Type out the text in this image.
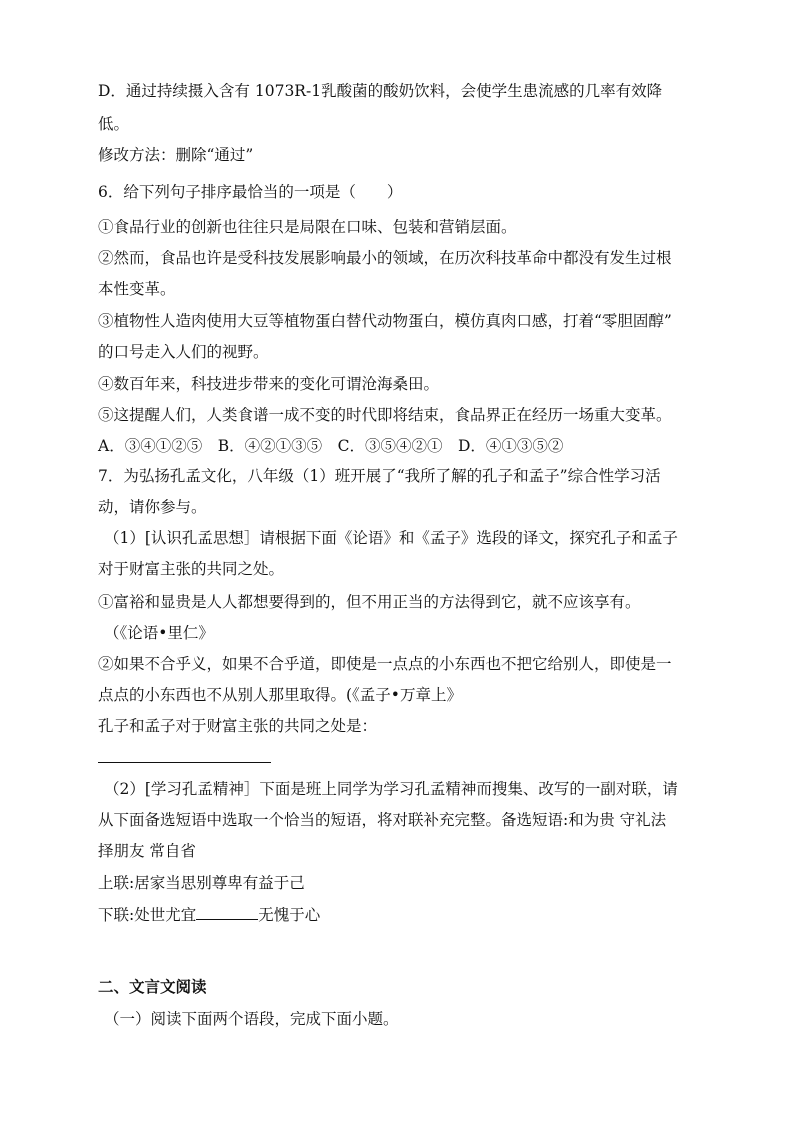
D．通过持续摄入含有 1073R-1乳酸菌的酸奶饮料，会使学生患流感的几率有效降
低。
修改方法：删除“通过”
6．给下列句子排序最恰当的一项是（　　）
①食品行业的创新也往往只是局限在口味、包装和营销层面。
②然而，食品也许是受科技发展影响最小的领域，在历次科技革命中都没有发生过根
本性变革。
③植物性人造肉使用大豆等植物蛋白替代动物蛋白，模仿真肉口感，打着“零胆固醇”
的口号走入人们的视野。
④数百年来，科技进步带来的变化可谓沧海桑田。
⑤这提醒人们，人类食谱一成不变的时代即将结束，食品界正在经历一场重大变革。
A．③④①②⑤　B．④②①③⑤　C．③⑤④②①　D．④①③⑤②
7．为弘扬孔孟文化，八年级（1）班开展了“我所了解的孔子和孟子”综合性学习活
动，请你参与。
（1）[认识孔孟思想］请根据下面《论语》和《孟子》选段的译文，探究孔子和孟子
对于财富主张的共同之处。
①富裕和显贵是人人都想要得到的，但不用正当的方法得到它，就不应该享有。
（《论语•里仁》
②如果不合乎义，如果不合乎道，即使是一点点的小东西也不把它给别人，即使是一
点点的小东西也不从别人那里取得。(《孟子•万章上》
孔子和孟子对于财富主张的共同之处是：
（2）[学习孔孟精神］下面是班上同学为学习孔孟精神而搜集、改写的一副对联，请
从下面备选短语中选取一个恰当的短语，将对联补充完整。备选短语:和为贵 守礼法
择朋友 常自省
上联:居家当思别尊卑有益于己
下联:处世尤宜	无愧于心
二、文言文阅读
（一）阅读下面两个语段，完成下面小题。
